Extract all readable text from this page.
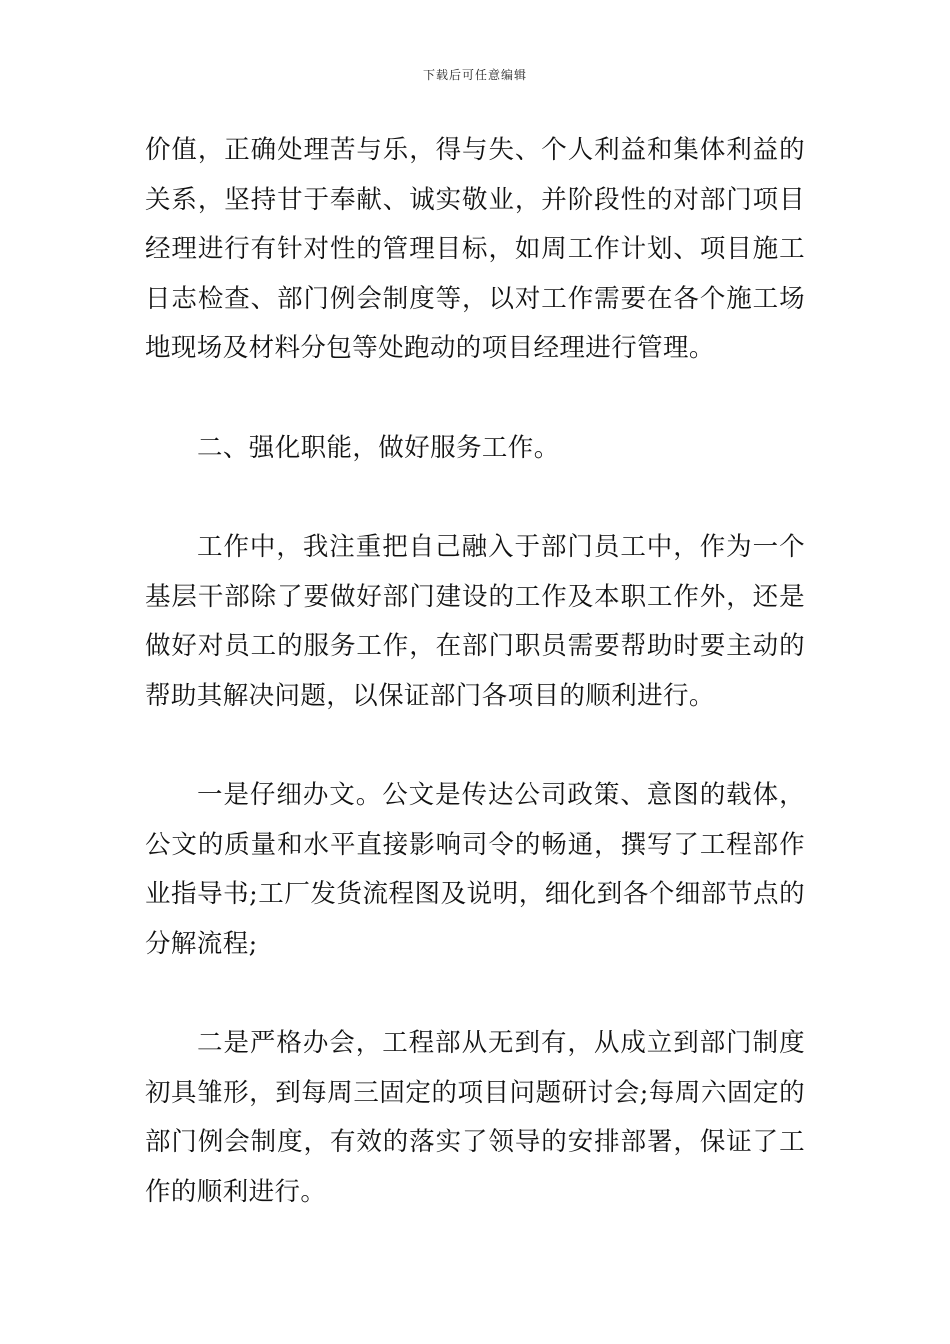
下载后可任意编辑

价值，正确处理苦与乐，得与失、个人利益和集体利益的关系，坚持甘于奉献、诚实敬业，并阶段性的对部门项目经理进行有针对性的管理目标，如周工作计划、项目施工日志检查、部门例会制度等，以对工作需要在各个施工场地现场及材料分包等处跑动的项目经理进行管理。

二、强化职能，做好服务工作。

工作中，我注重把自己融入于部门员工中，作为一个基层干部除了要做好部门建设的工作及本职工作外，还是做好对员工的服务工作，在部门职员需要帮助时要主动的帮助其解决问题，以保证部门各项目的顺利进行。

一是仔细办文。公文是传达公司政策、意图的载体，公文的质量和水平直接影响司令的畅通，撰写了工程部作业指导书;工厂发货流程图及说明，细化到各个细部节点的分解流程;

二是严格办会，工程部从无到有，从成立到部门制度初具雏形，到每周三固定的项目问题研讨会;每周六固定的部门例会制度，有效的落实了领导的安排部署，保证了工作的顺利进行。
